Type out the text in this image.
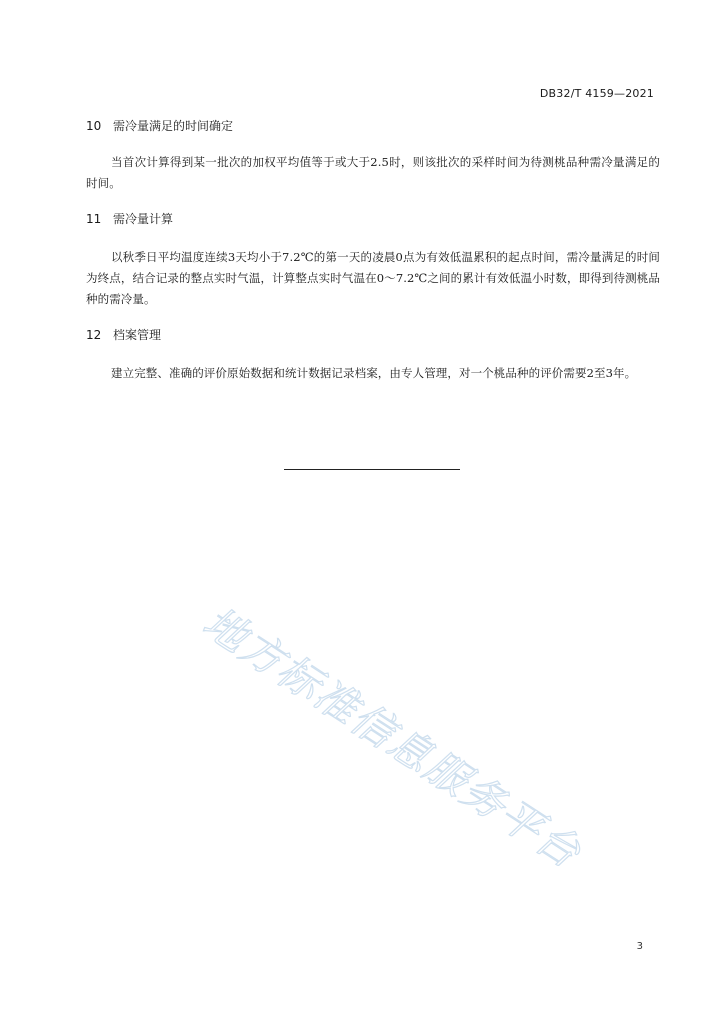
DB32/T 4159—2021
10 需冷量满足的时间确定

当首次计算得到某一批次的加权平均值等于或大于2.5时，则该批次的采样时间为待测桃品种需冷量满足的时间。

11 需冷量计算

以秋季日平均温度连续3天均小于7.2℃的第一天的凌晨0点为有效低温累积的起点时间，需冷量满足的时间为终点，结合记录的整点实时气温，计算整点实时气温在0～7.2℃之间的累计有效低温小时数，即得到待测桃品种的需冷量。

12 档案管理

建立完整、准确的评价原始数据和统计数据记录档案，由专人管理，对一个桃品种的评价需要2至3年。

地方标准信息服务平台
3
